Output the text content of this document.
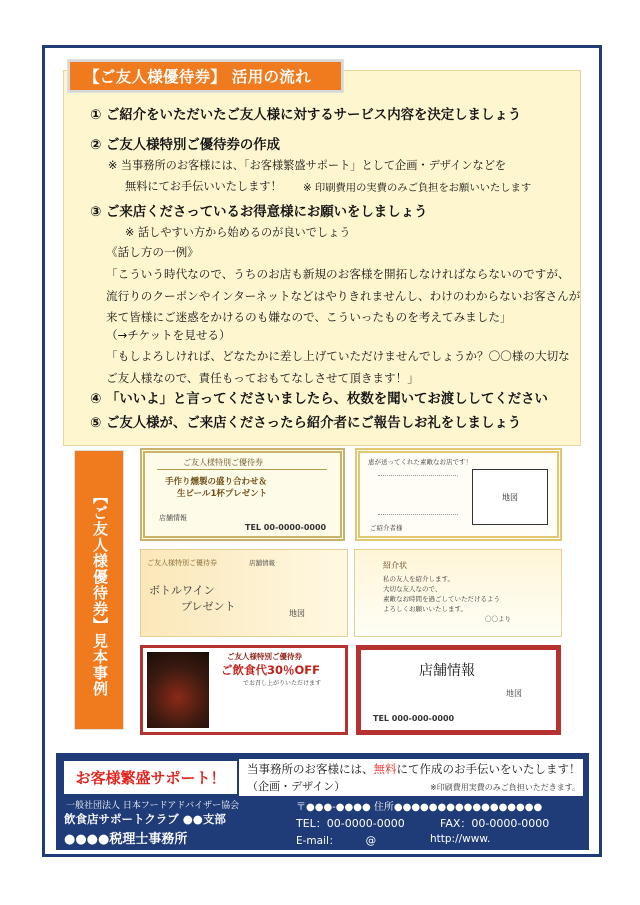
【ご友人様優待券】 活用の流れ
① ご紹介をいただいたご友人様に対するサービス内容を決定しましょう
② ご友人様特別ご優待券の作成
※ 当事務所のお客様には、「お客様繁盛サポート」として企画・デザインなどを
無料にてお手伝いいたします！ ※ 印刷費用の実費のみご負担をお願いいたします
③ ご来店くださっているお得意様にお願いをしましょう
※ 話しやすい方から始めるのが良いでしょう
《話し方の一例》
「こういう時代なので、うちのお店も新規のお客様を開拓しなければならないのですが、
流行りのクーポンやインターネットなどはやりきれませんし、わけのわからないお客さんが
来て皆様にご迷惑をかけるのも嫌なので、こういったものを考えてみました」
（→チケットを見せる）
「もしよろしければ、どなたかに差し上げていただけませんでしょうか？〇〇様の大切な
ご友人様なので、責任もっておもてなしさせて頂きます！」
④ 「いいよ」と言ってくださいましたら、枚数を聞いてお渡ししてください
⑤ ご友人様が、ご来店くださったら紹介者にご報告しお礼をしましょう
【ご友人様優待券】見本事例
ご友人様特別ご優待券
手作り燻製の盛り合わせ＆
生ビール1杯プレゼント
店舗情報
TEL 00-0000-0000
恵が送ってくれた素敵なお店です！
地図
ご紹介者様
ご友人様特別ご優待券	店舗情報
ボトルワイン
プレゼント
地図
紹介状
私の友人を紹介します。
大切な友人なので、
素敵なお時間を過ごしていただけるよう
よろしくお願いいたします。
〇〇より
ご友人様特別ご優待券
ご飲食代30％OFF
でお召し上がりいただけます
店舗情報
地図
TEL 000-000-0000
お客様繁盛サポート！ 当事務所のお客様には、無料にて作成のお手伝いをいたします！
（企画・デザイン）	※印刷費用実費のみご負担いただきます。
一般社団法人 日本フードアドバイザー協会
飲食店サポートクラブ ●●支部
●●●●税理士事務所
〒●●●-●●●● 住所●●●●●●●●●●●●●●●●●
TEL：00-0000-0000	FAX：00-0000-0000
E-mail：　　　@	http://www.
